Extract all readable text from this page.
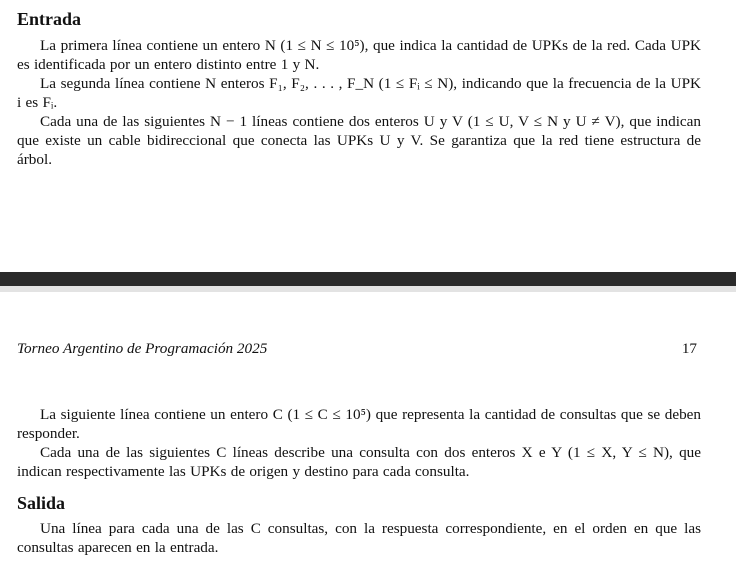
Entrada

La primera línea contiene un entero N (1 ≤ N ≤ 10⁵), que indica la cantidad de UPKs de la red. Cada UPK es identificada por un entero distinto entre 1 y N.

La segunda línea contiene N enteros F₁, F₂, . . . , F_N (1 ≤ Fᵢ ≤ N), indicando que la frecuencia de la UPK i es Fᵢ.

Cada una de las siguientes N − 1 líneas contiene dos enteros U y V (1 ≤ U, V ≤ N y U ≠ V), que indican que existe un cable bidireccional que conecta las UPKs U y V. Se garantiza que la red tiene estructura de árbol.

Torneo Argentino de Programación 2025	17

La siguiente línea contiene un entero C (1 ≤ C ≤ 10⁵) que representa la cantidad de consultas que se deben responder.

Cada una de las siguientes C líneas describe una consulta con dos enteros X e Y (1 ≤ X, Y ≤ N), que indican respectivamente las UPKs de origen y destino para cada consulta.

Salida

Una línea para cada una de las C consultas, con la respuesta correspondiente, en el orden en que las consultas aparecen en la entrada.
